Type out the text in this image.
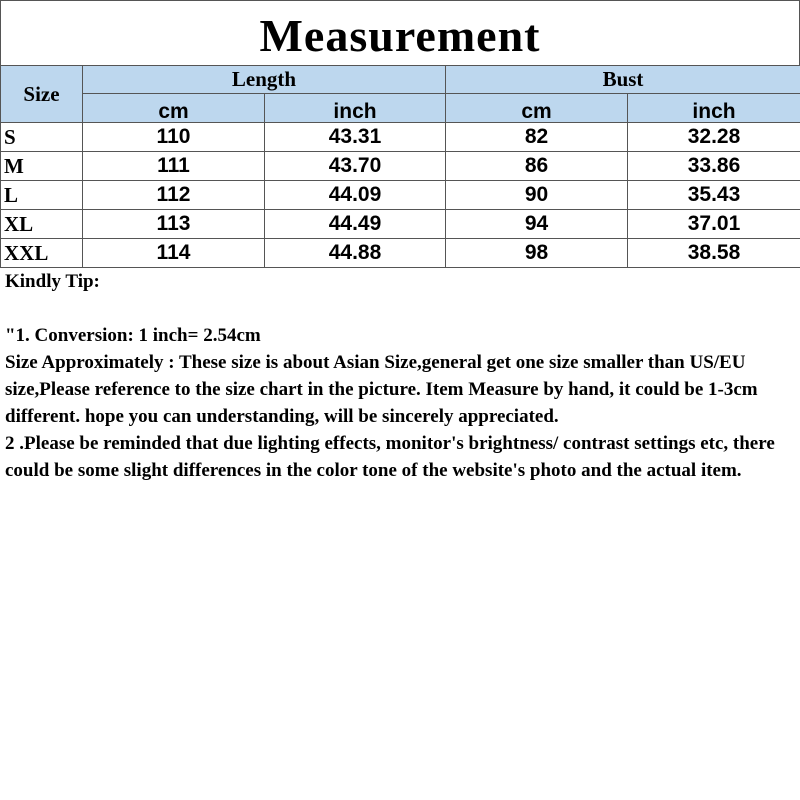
Measurement
Size	Length		Bust	
	cm	inch	cm	inch
S	110	43.31	82	32.28
M	111	43.70	86	33.86
L	112	44.09	90	35.43
XL	113	44.49	94	37.01
XXL	114	44.88	98	38.58

Kindly Tip:

"1. Conversion: 1 inch= 2.54cm

Size Approximately : These size is about Asian Size,general get one size smaller than US/EU size,Please reference to the size chart in the picture. Item Measure by hand, it could be 1-3cm different. hope you can understanding, will be sincerely appreciated.

2 .Please be reminded that due lighting effects, monitor's brightness/ contrast settings etc, there could be some slight differences in the color tone of the website's photo and the actual item.
